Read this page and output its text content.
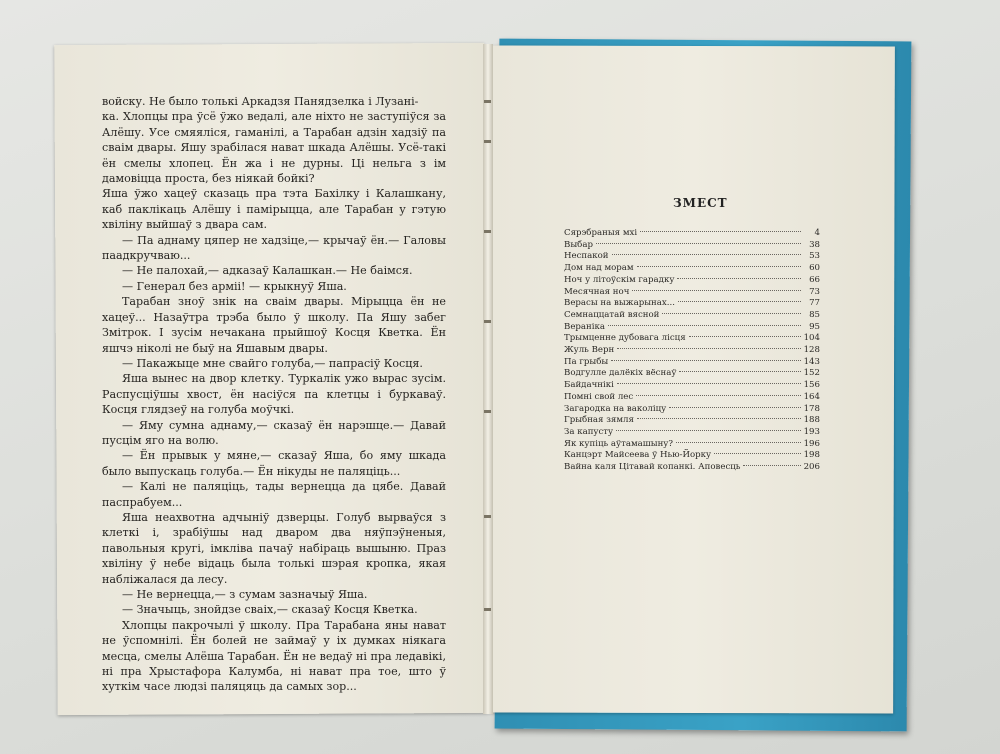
войску. Не было толькі Аркадзя Панядзелка і Лузані-

ка. Хлопцы пра ўсё ўжо ведалі, але ніхто не заступіўся за Алёшу. Усе смяяліся, гаманілі, а Тарабан адзін хадзіў па сваім двары. Яшу зрабілася нават шкада Алёшы. Усё-такі ён смелы хлопец. Ён жа і не дурны. Ці нельга з ім дамовіцца проста, без ніякай бойкі?

Яша ўжо хацеў сказаць пра тэта Бахілку і Калашкану, каб паклікаць Алёшу і памірыцца, але Тарабан у гэтую хвіліну выйшаў з двара сам.

— Па аднаму цяпер не хадзіце,— крычаў ён.— Галовы паадкручваю...

— Не палохай,— адказаў Калашкан.— Не баімся.

— Генерал без арміі! — крыкнуў Яша.

Тарабан зноў знік на сваім двары. Мірыцца ён не хацеў... Назаўтра трэба было ў школу. Па Яшу забег Змітрок. І зусім нечакана прыйшоў Косця Кветка. Ён яшчэ ніколі не быў на Яшавым двары.

— Пакажыце мне свайго голуба,— папрасіў Косця.

Яша вынес на двор клетку. Туркалік ужо вырас зусім. Распусціўшы хвост, ён насіўся па клетцы і буркаваў. Косця глядзеў на голуба моўчкі.

— Яму сумна аднаму,— сказаў ён нарэшце.— Давай пусцім яго на волю.

— Ён прывык у мяне,— сказаў Яша, бо яму шкада было выпускаць голуба.— Ён нікуды не паляціць...

— Калі не паляціць, тады вернецца да цябе. Давай паспрабуем...

Яша неахвотна адчыніў дзверцы. Голуб вырваўся з клеткі і, зрабіўшы над дваром два няўпэўненыя, павольныя кругі, імкліва пачаў набіраць вышыню. Праз хвіліну ў небе відаць была толькі шэрая кропка, якая набліжалася да лесу.

— Не вернецца,— з сумам зазначыў Яша.

— Значыць, знойдзе сваіх,— сказаў Косця Кветка.

Хлопцы пакрочылі ў школу. Пра Тарабана яны нават не ўспомнілі. Ён болей не займаў у іх думках ніякага месца, смелы Алёша Тарабан. Ён не ведаў ні пра ледавікі, ні пра Хрыстафора Калумба, ні нават пра тое, што ў хуткім часе людзі паляцяць да самых зор...

ЗМЕСТ
Сярэбраныя мхі	4
Выбар	38
Неспакой	53
Дом над морам	60
Ноч у літоўскім гарадку	66
Месячная ноч	73
Верасы на выжарынах...	77
Семнаццатай вясной	85
Вераніка	95
Трымценне дубовага лісця	104
Жуль Верн	128
Па грыбы	143
Водгулле далёкіх вёснаў	152
Байдачнікі	156
Помні свой лес	164
Загародка на ваколіцу	178
Грыбная зямля	188
За капусту	193
Як купіць аўтамашыну?	196
Канцэрт Майсеева ў Нью-Йорку	198
Вайна каля Цітавай копанкі. Аповесць	206
